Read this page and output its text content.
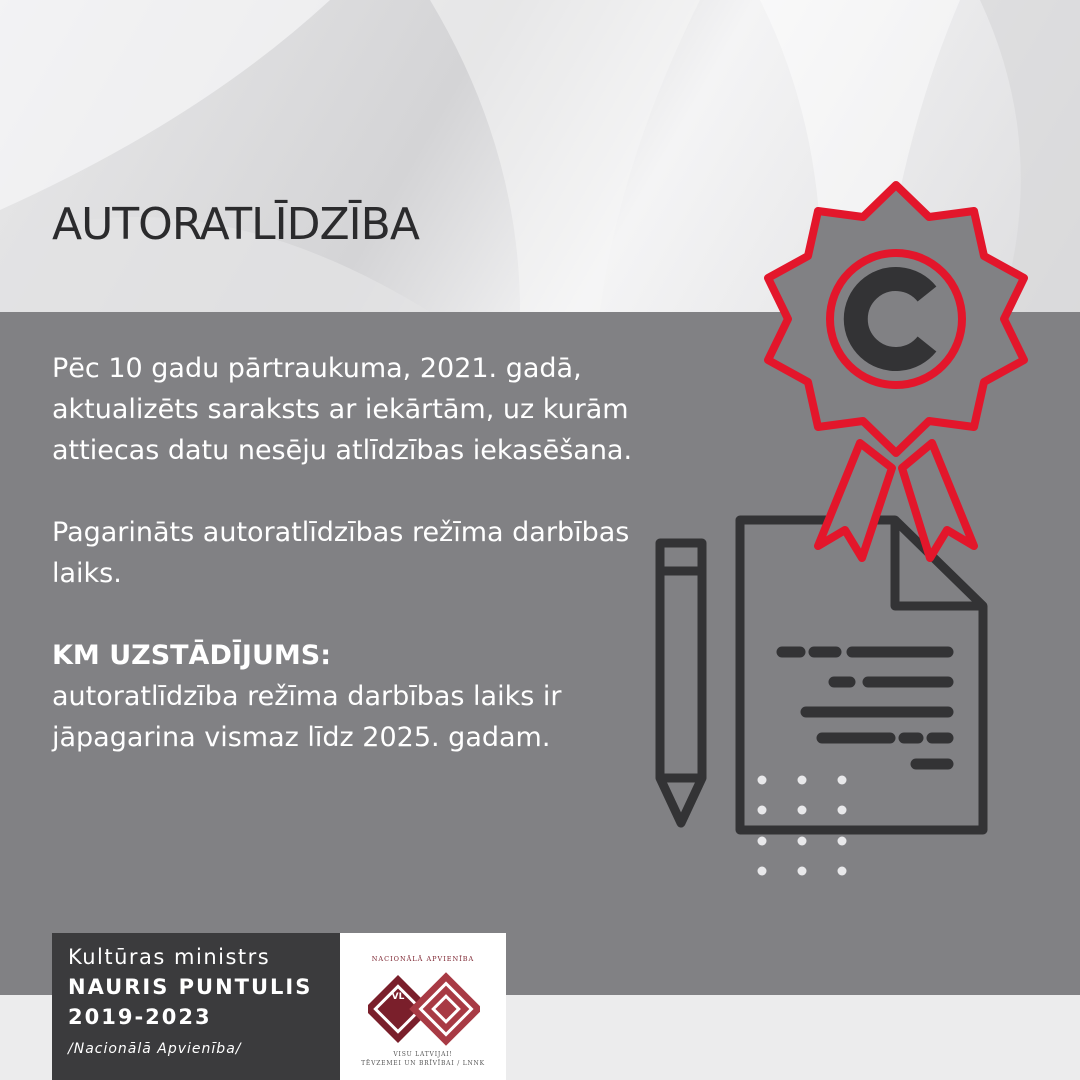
AUTORATLĪDZĪBA

Pēc 10 gadu pārtraukuma, 2021. gadā, aktualizēts saraksts ar iekārtām, uz kurām attiecas datu nesēju atlīdzības iekasēšana.

Pagarināts autoratlīdzības režīma darbības laiks.

KM UZSTĀDĪJUMS:
autoratlīdzība režīma darbības laiks ir jāpagarina vismaz līdz 2025. gadam.

Kultūras ministrs
NAURIS PUNTULIS
2019-2023
/Nacionālā Apvienība/
NACIONĀLĀ APVIENĪBA
VL
VISU LATVIJAI!
TĒVZEMEI UN BRĪVĪBAI / LNNK
